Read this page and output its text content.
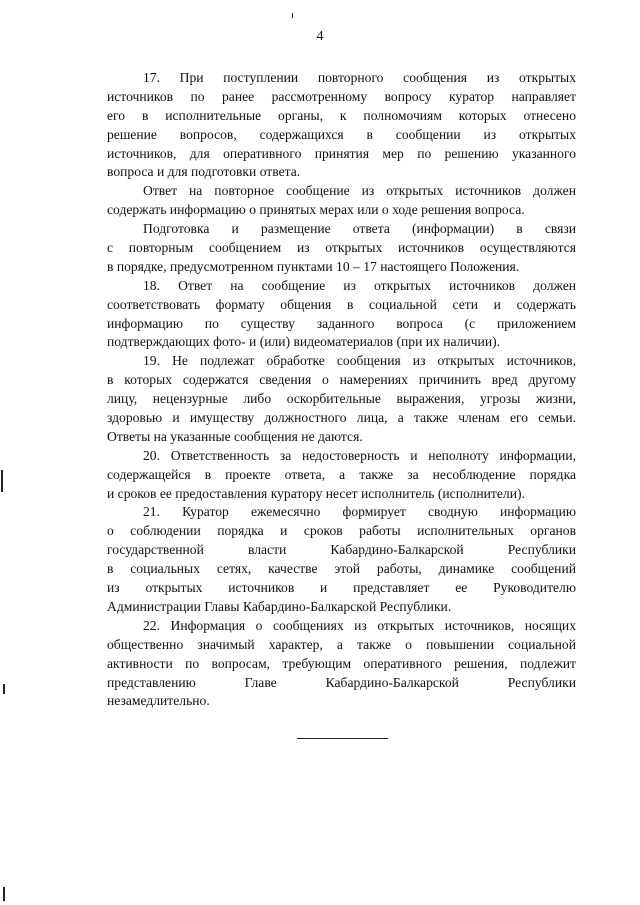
4
17. При поступлении повторного сообщения из открытых
источников по ранее рассмотренному вопросу куратор направляет
его в исполнительные органы, к полномочиям которых отнесено
решение вопросов, содержащихся в сообщении из открытых
источников, для оперативного принятия мер по решению указанного
вопроса и для подготовки ответа.
Ответ на повторное сообщение из открытых источников должен
содержать информацию о принятых мерах или о ходе решения вопроса.
Подготовка и размещение ответа (информации) в связи
с повторным сообщением из открытых источников осуществляются
в порядке, предусмотренном пунктами 10 – 17 настоящего Положения.
18. Ответ на сообщение из открытых источников должен
соответствовать формату общения в социальной сети и содержать
информацию по существу заданного вопроса (с приложением
подтверждающих фото- и (или) видеоматериалов (при их наличии).
19. Не подлежат обработке сообщения из открытых источников,
в которых содержатся сведения о намерениях причинить вред другому
лицу, нецензурные либо оскорбительные выражения, угрозы жизни,
здоровью и имуществу должностного лица, а также членам его семьи.
Ответы на указанные сообщения не даются.
20. Ответственность за недостоверность и неполноту информации,
содержащейся в проекте ответа, а также за несоблюдение порядка
и сроков ее предоставления куратору несет исполнитель (исполнители).
21. Куратор ежемесячно формирует сводную информацию
о соблюдении порядка и сроков работы исполнительных органов
государственной власти Кабардино-Балкарской Республики
в социальных сетях, качестве этой работы, динамике сообщений
из открытых источников и представляет ее Руководителю
Администрации Главы Кабардино-Балкарской Республики.
22. Информация о сообщениях из открытых источников, носящих
общественно значимый характер, а также о повышении социальной
активности по вопросам, требующим оперативного решения, подлежит
представлению Главе Кабардино-Балкарской Республики
незамедлительно.
